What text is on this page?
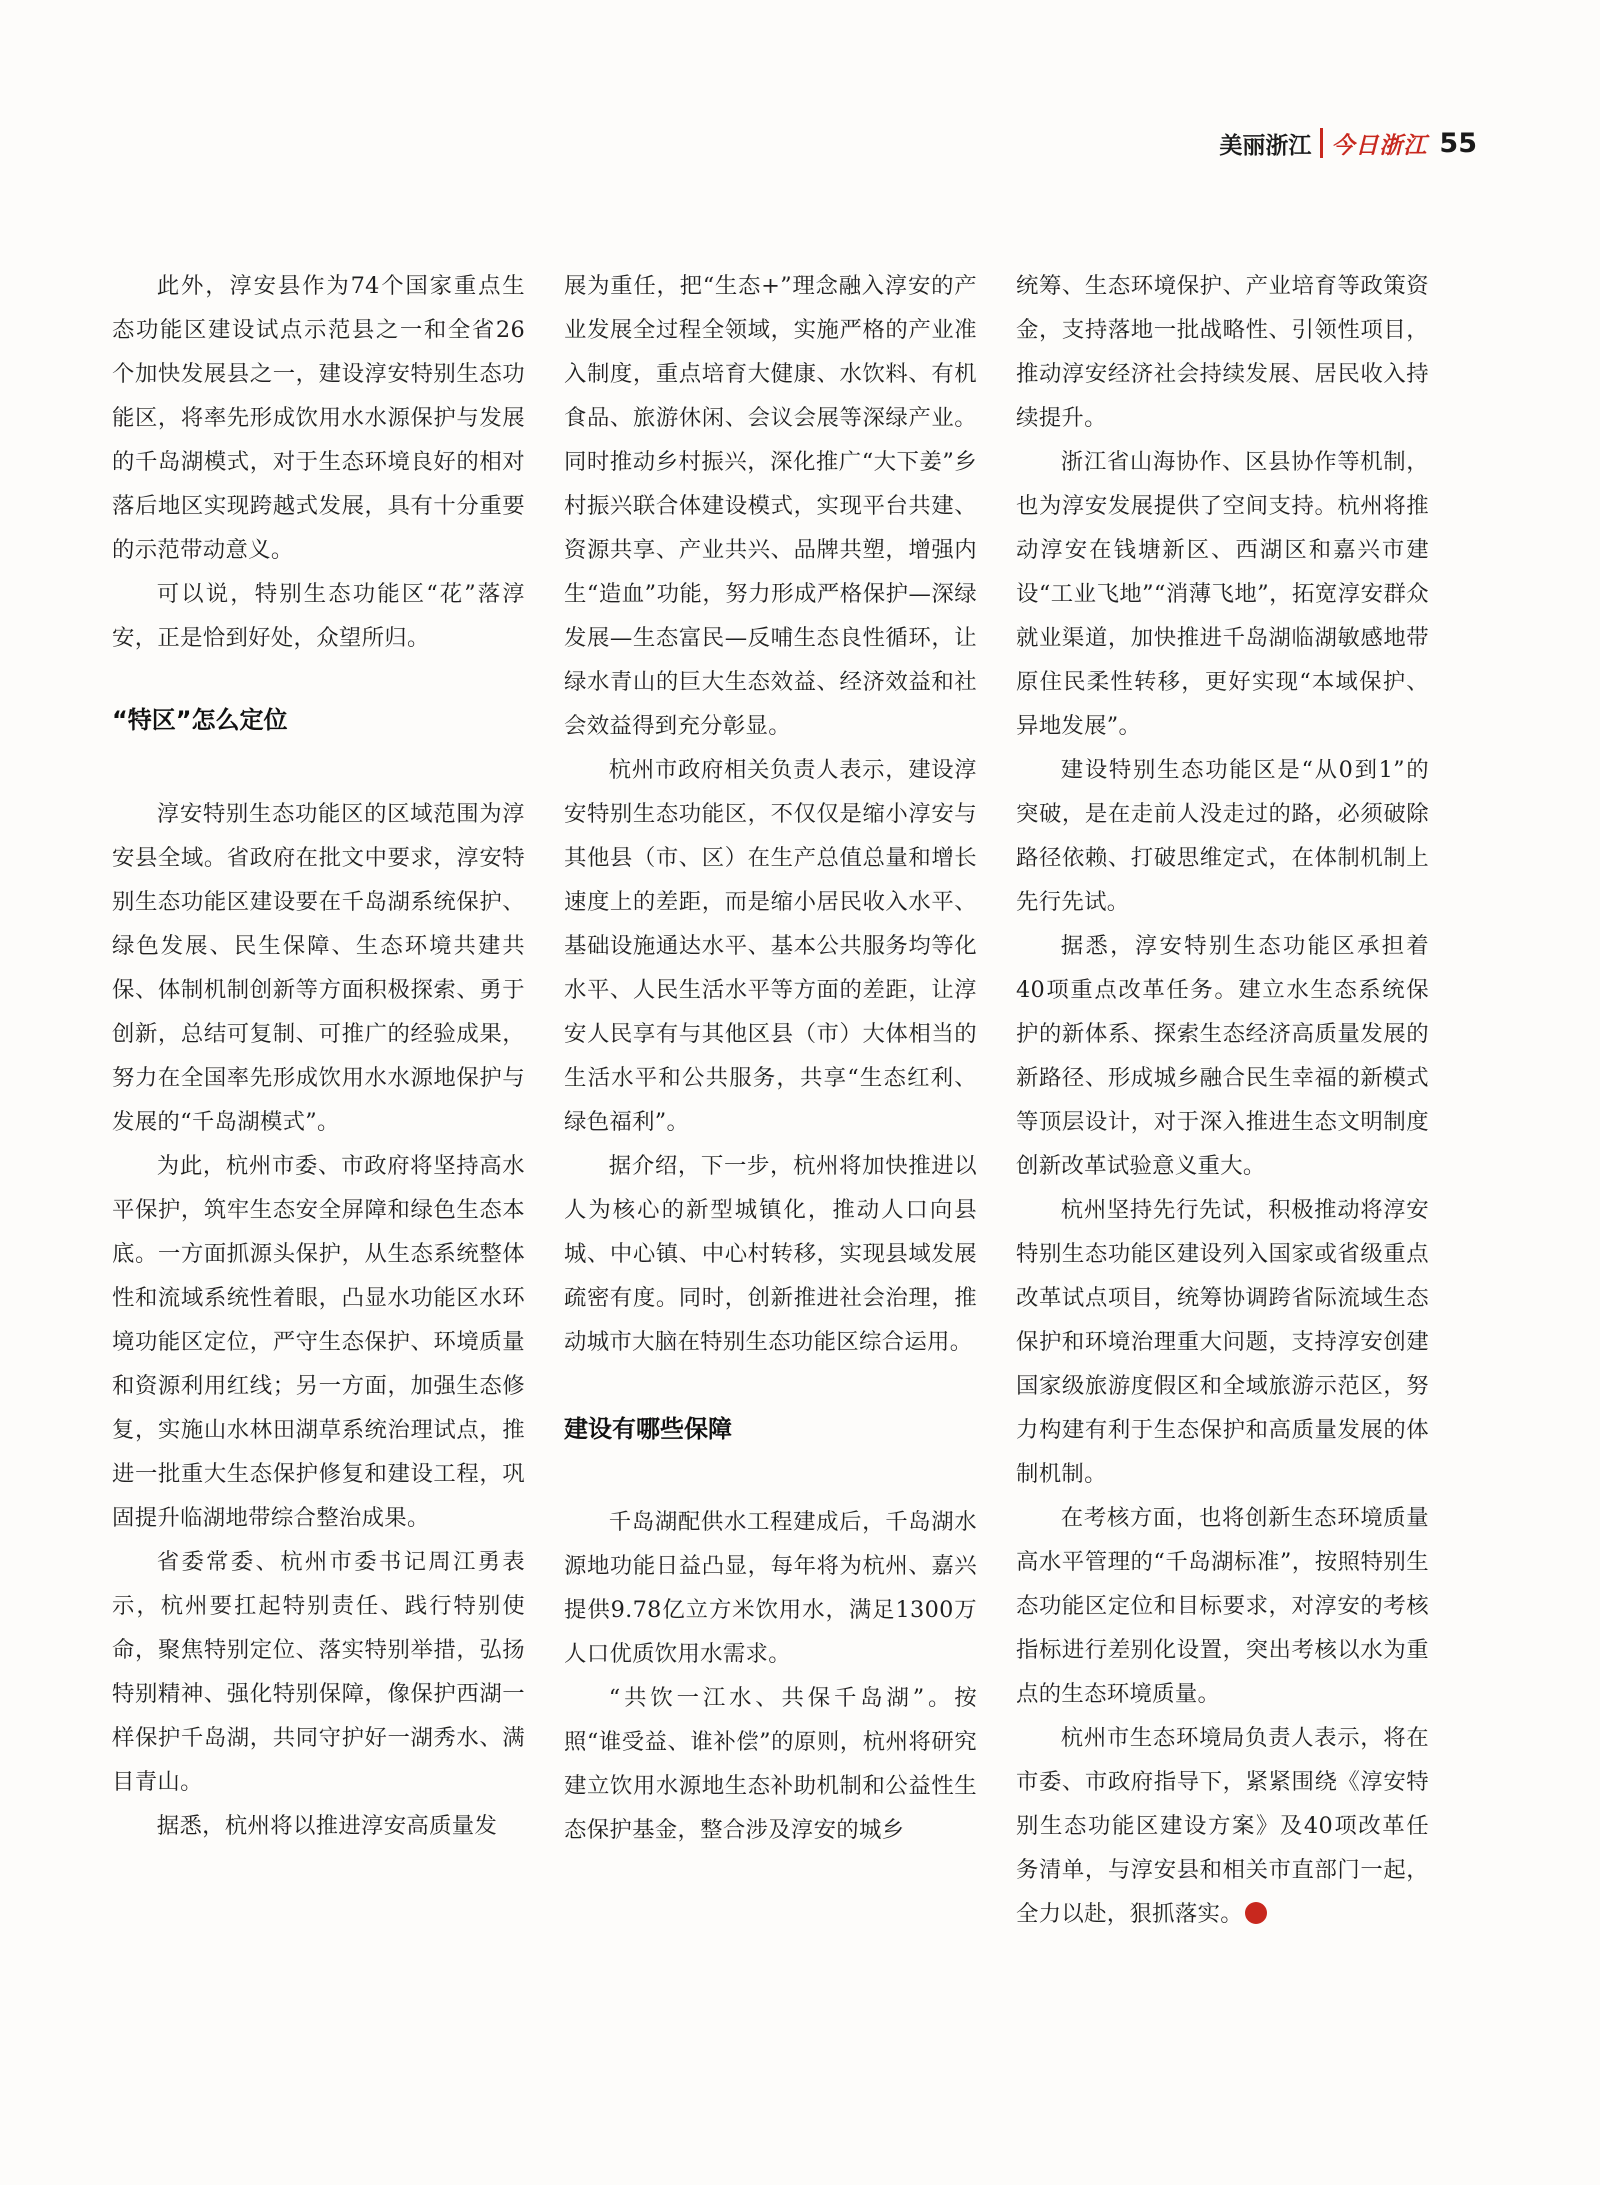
美丽浙江 今日浙江 55

此外，淳安县作为74个国家重点生态功能区建设试点示范县之一和全省26个加快发展县之一，建设淳安特别生态功能区，将率先形成饮用水水源保护与发展的千岛湖模式，对于生态环境良好的相对落后地区实现跨越式发展，具有十分重要的示范带动意义。

可以说，特别生态功能区“花”落淳安，正是恰到好处，众望所归。

“特区”怎么定位

淳安特别生态功能区的区域范围为淳安县全域。省政府在批文中要求，淳安特别生态功能区建设要在千岛湖系统保护、绿色发展、民生保障、生态环境共建共保、体制机制创新等方面积极探索、勇于创新，总结可复制、可推广的经验成果，努力在全国率先形成饮用水水源地保护与发展的“千岛湖模式”。

为此，杭州市委、市政府将坚持高水平保护，筑牢生态安全屏障和绿色生态本底。一方面抓源头保护，从生态系统整体性和流域系统性着眼，凸显水功能区水环境功能区定位，严守生态保护、环境质量和资源利用红线；另一方面，加强生态修复，实施山水林田湖草系统治理试点，推进一批重大生态保护修复和建设工程，巩固提升临湖地带综合整治成果。

省委常委、杭州市委书记周江勇表示，杭州要扛起特别责任、践行特别使命，聚焦特别定位、落实特别举措，弘扬特别精神、强化特别保障，像保护西湖一样保护千岛湖，共同守护好一湖秀水、满目青山。

据悉，杭州将以推进淳安高质量发

展为重任，把“生态+”理念融入淳安的产业发展全过程全领域，实施严格的产业准入制度，重点培育大健康、水饮料、有机食品、旅游休闲、会议会展等深绿产业。同时推动乡村振兴，深化推广“大下姜”乡村振兴联合体建设模式，实现平台共建、资源共享、产业共兴、品牌共塑，增强内生“造血”功能，努力形成严格保护—深绿发展—生态富民—反哺生态良性循环，让绿水青山的巨大生态效益、经济效益和社会效益得到充分彰显。

杭州市政府相关负责人表示，建设淳安特别生态功能区，不仅仅是缩小淳安与其他县（市、区）在生产总值总量和增长速度上的差距，而是缩小居民收入水平、基础设施通达水平、基本公共服务均等化水平、人民生活水平等方面的差距，让淳安人民享有与其他区县（市）大体相当的生活水平和公共服务，共享“生态红利、绿色福利”。

据介绍，下一步，杭州将加快推进以人为核心的新型城镇化，推动人口向县城、中心镇、中心村转移，实现县域发展疏密有度。同时，创新推进社会治理，推动城市大脑在特别生态功能区综合运用。

建设有哪些保障

千岛湖配供水工程建成后，千岛湖水源地功能日益凸显，每年将为杭州、嘉兴提供9.78亿立方米饮用水，满足1300万人口优质饮用水需求。

“共饮一江水、共保千岛湖”。按照“谁受益、谁补偿”的原则，杭州将研究建立饮用水源地生态补助机制和公益性生态保护基金，整合涉及淳安的城乡

统筹、生态环境保护、产业培育等政策资金，支持落地一批战略性、引领性项目，推动淳安经济社会持续发展、居民收入持续提升。

浙江省山海协作、区县协作等机制，也为淳安发展提供了空间支持。杭州将推动淳安在钱塘新区、西湖区和嘉兴市建设“工业飞地”“消薄飞地”，拓宽淳安群众就业渠道，加快推进千岛湖临湖敏感地带原住民柔性转移，更好实现“本域保护、异地发展”。

建设特别生态功能区是“从0到1”的突破，是在走前人没走过的路，必须破除路径依赖、打破思维定式，在体制机制上先行先试。

据悉，淳安特别生态功能区承担着40项重点改革任务。建立水生态系统保护的新体系、探索生态经济高质量发展的新路径、形成城乡融合民生幸福的新模式等顶层设计，对于深入推进生态文明制度创新改革试验意义重大。

杭州坚持先行先试，积极推动将淳安特别生态功能区建设列入国家或省级重点改革试点项目，统筹协调跨省际流域生态保护和环境治理重大问题，支持淳安创建国家级旅游度假区和全域旅游示范区，努力构建有利于生态保护和高质量发展的体制机制。

在考核方面，也将创新生态环境质量高水平管理的“千岛湖标准”，按照特别生态功能区定位和目标要求，对淳安的考核指标进行差别化设置，突出考核以水为重点的生态环境质量。

杭州市生态环境局负责人表示，将在市委、市政府指导下，紧紧围绕《淳安特别生态功能区建设方案》及40项改革任务清单，与淳安县和相关市直部门一起，全力以赴，狠抓落实。
